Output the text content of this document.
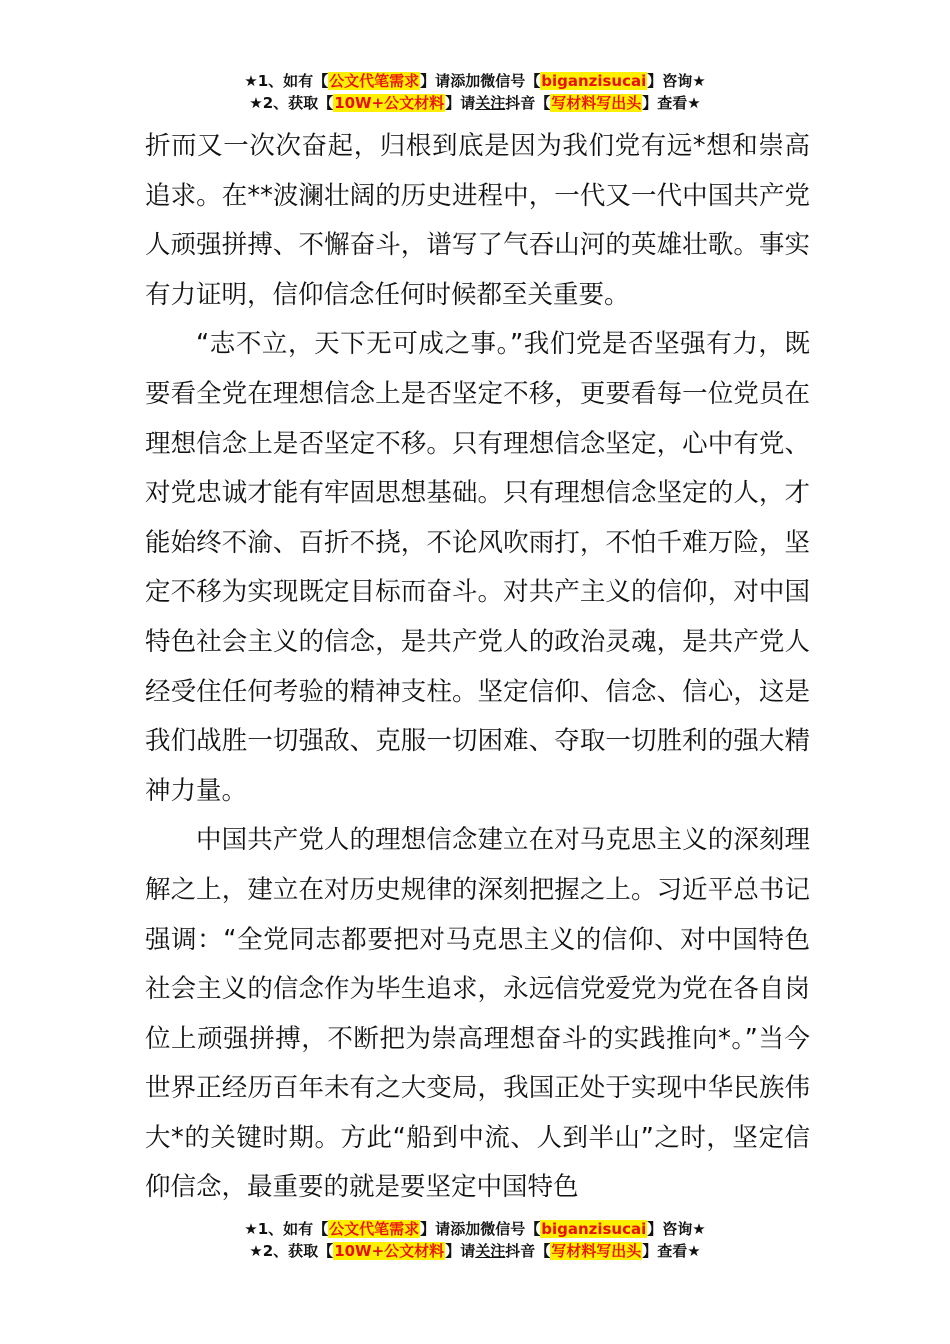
★1、如有【公文代笔需求】请添加微信号【biganzisucai】咨询★
★2、获取【10W+公文材料】请关注抖音【写材料写出头】查看★

折而又一次次奋起，归根到底是因为我们党有远*想和崇高追求。在**波澜壮阔的历史进程中，一代又一代中国共产党人顽强拼搏、不懈奋斗，谱写了气吞山河的英雄壮歌。事实有力证明，信仰信念任何时候都至关重要。

“志不立，天下无可成之事。”我们党是否坚强有力，既要看全党在理想信念上是否坚定不移，更要看每一位党员在理想信念上是否坚定不移。只有理想信念坚定，心中有党、对党忠诚才能有牢固思想基础。只有理想信念坚定的人，才能始终不渝、百折不挠，不论风吹雨打，不怕千难万险，坚定不移为实现既定目标而奋斗。对共产主义的信仰，对中国特色社会主义的信念，是共产党人的政治灵魂，是共产党人经受住任何考验的精神支柱。坚定信仰、信念、信心，这是我们战胜一切强敌、克服一切困难、夺取一切胜利的强大精神力量。

中国共产党人的理想信念建立在对马克思主义的深刻理解之上，建立在对历史规律的深刻把握之上。习近平总书记强调：“全党同志都要把对马克思主义的信仰、对中国特色社会主义的信念作为毕生追求，永远信党爱党为党在各自岗位上顽强拼搏，不断把为崇高理想奋斗的实践推向*。”当今世界正经历百年未有之大变局，我国正处于实现中华民族伟大*的关键时期。方此“船到中流、人到半山”之时，坚定信仰信念，最重要的就是要坚定中国特色

★1、如有【公文代笔需求】请添加微信号【biganzisucai】咨询★
★2、获取【10W+公文材料】请关注抖音【写材料写出头】查看★
